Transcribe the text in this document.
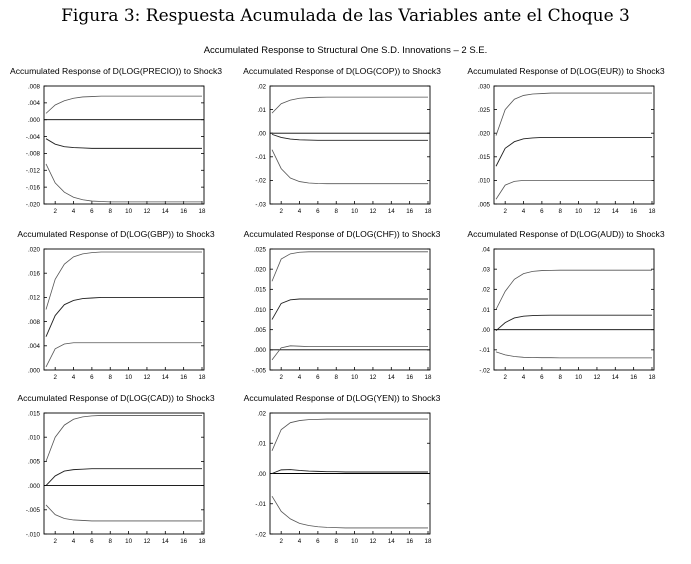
Figura 3: Respuesta Acumulada de las Variables ante el Choque 3
Accumulated Response to Structural One S.D. Innovations – 2 S.E.
Accumulated Response of D(LOG(PRECIO)) to Shock3
.008
.004
.000
-.004
-.008
-.012
-.016
-.020
2 4 6 8 10 12 14 16 18
Accumulated Response of D(LOG(COP)) to Shock3
.02
.01
.00
-.01
-.02
-.03
2 4 6 8 10 12 14 16 18
Accumulated Response of D(LOG(EUR)) to Shock3
.030
.025
.020
.015
.010
.005
2 4 6 8 10 12 14 16 18
Accumulated Response of D(LOG(GBP)) to Shock3
.020
.016
.012
.008
.004
.000
2 4 6 8 10 12 14 16 18
Accumulated Response of D(LOG(CHF)) to Shock3
.025
.020
.015
.010
.005
.000
-.005
2 4 6 8 10 12 14 16 18
Accumulated Response of D(LOG(AUD)) to Shock3
.04
.03
.02
.01
.00
-.01
-.02
2 4 6 8 10 12 14 16 18
Accumulated Response of D(LOG(CAD)) to Shock3
.015
.010
.005
.000
-.005
-.010
2 4 6 8 10 12 14 16 18
Accumulated Response of D(LOG(YEN)) to Shock3
.02
.01
.00
-.01
-.02
2 4 6 8 10 12 14 16 18
